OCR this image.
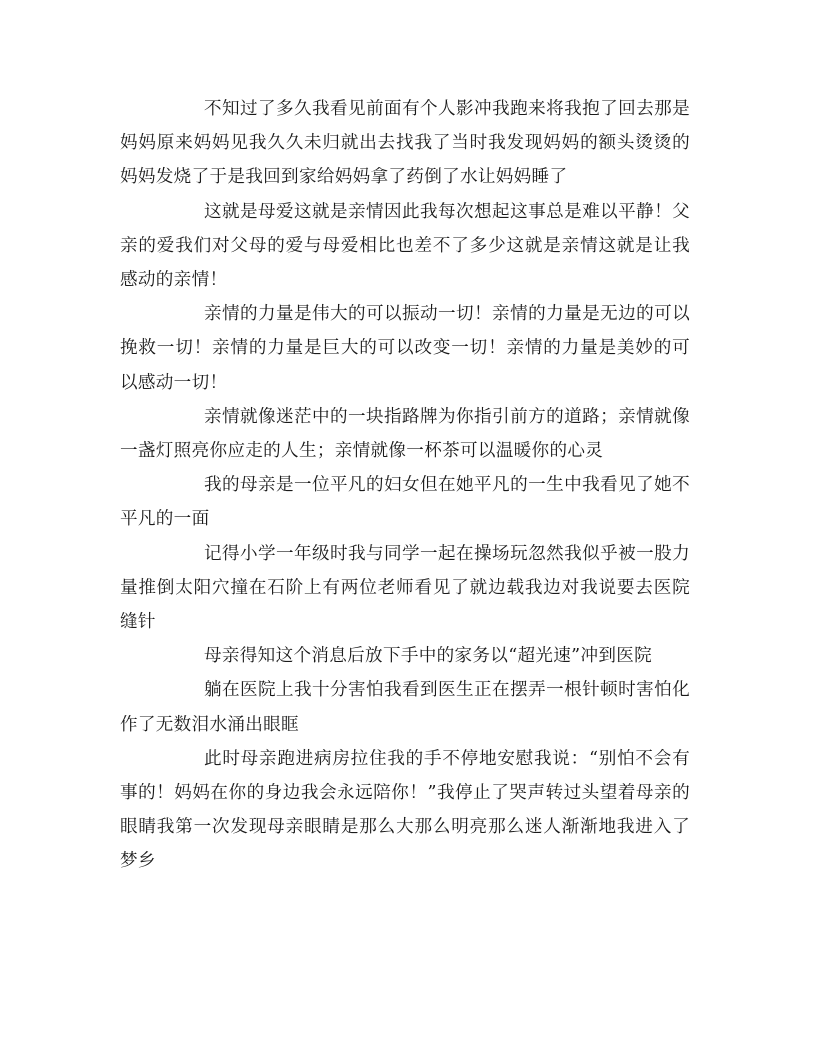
不知过了多久我看见前面有个人影冲我跑来将我抱了回去那是妈妈原来妈妈见我久久未归就出去找我了当时我发现妈妈的额头烫烫的妈妈发烧了于是我回到家给妈妈拿了药倒了水让妈妈睡了

这就是母爱这就是亲情因此我每次想起这事总是难以平静！父亲的爱我们对父母的爱与母爱相比也差不了多少这就是亲情这就是让我感动的亲情！

亲情的力量是伟大的可以振动一切！亲情的力量是无边的可以挽救一切！亲情的力量是巨大的可以改变一切！亲情的力量是美妙的可以感动一切！

亲情就像迷茫中的一块指路牌为你指引前方的道路；亲情就像一盏灯照亮你应走的人生；亲情就像一杯茶可以温暖你的心灵

我的母亲是一位平凡的妇女但在她平凡的一生中我看见了她不平凡的一面

记得小学一年级时我与同学一起在操场玩忽然我似乎被一股力量推倒太阳穴撞在石阶上有两位老师看见了就边载我边对我说要去医院缝针

母亲得知这个消息后放下手中的家务以“超光速”冲到医院

躺在医院上我十分害怕我看到医生正在摆弄一根针顿时害怕化作了无数泪水涌出眼眶

此时母亲跑进病房拉住我的手不停地安慰我说：“别怕不会有事的！妈妈在你的身边我会永远陪你！”我停止了哭声转过头望着母亲的眼睛我第一次发现母亲眼睛是那么大那么明亮那么迷人渐渐地我进入了梦乡
